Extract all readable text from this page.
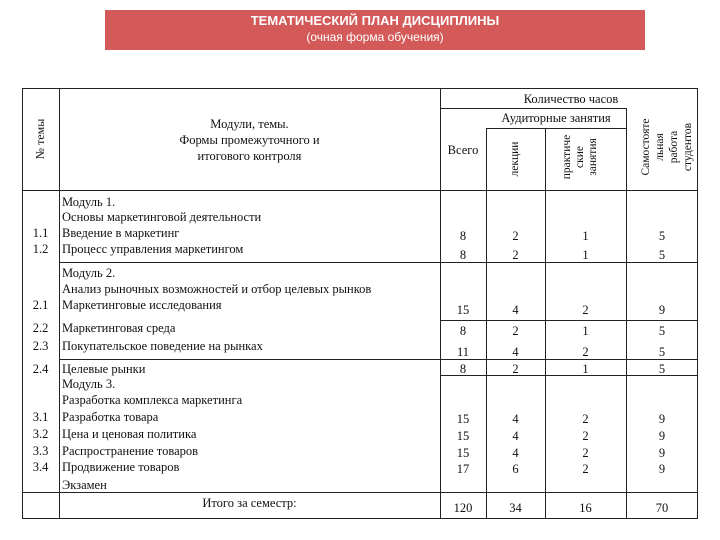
ТЕМАТИЧЕСКИЙ ПЛАН ДИСЦИПЛИНЫ
(очная форма обучения)
№ темы	Модули, темы.
Формы промежуточного и
итогового контроля
Количество часов
Аудиторные занятия
Всего	лекции	практиче ские занятия	Самостояте льная работа студентов
Модуль 1.
Основы маркетинговой деятельности
1.1	Введение в маркетинг	8	2	1	5
1.2	Процесс управления маркетингом	8	2	1	5
Модуль 2.
Анализ рыночных возможностей и отбор целевых рынков
2.1	Маркетинговые исследования	15	4	2	9
2.2	Маркетинговая среда	8	2	1	5
2.3	Покупательское поведение на рынках	11	4	2	5
2.4	Целевые рынки	8	2	1	5
Модуль 3.
Разработка комплекса маркетинга
3.1	Разработка товара	15	4	2	9
3.2	Цена и ценовая политика	15	4	2	9
3.3	Распространение товаров	15	4	2	9
3.4	Продвижение товаров	17	6	2	9
Экзамен
Итого за семестр:	120	34	16	70
